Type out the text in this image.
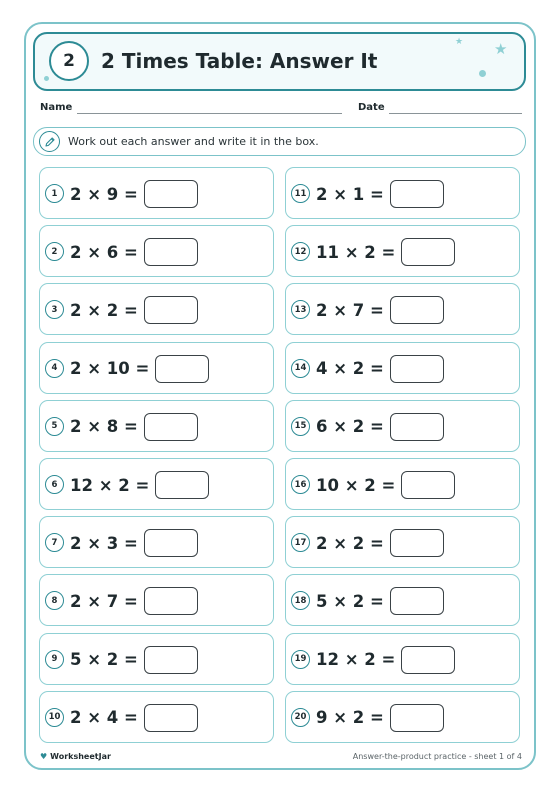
2	2 Times Table: Answer It
★ ★
Name	Date
Work out each answer and write it in the box.
1 2 × 9 =
2 2 × 6 =
3 2 × 2 =
4 2 × 10 =
5 2 × 8 =
6 12 × 2 =
7 2 × 3 =
8 2 × 7 =
9 5 × 2 =
10 2 × 4 =
11 2 × 1 =
12 11 × 2 =
13 2 × 7 =
14 4 × 2 =
15 6 × 2 =
16 10 × 2 =
17 2 × 2 =
18 5 × 2 =
19 12 × 2 =
20 9 × 2 =
♥ WorksheetJar	Answer-the-product practice - sheet 1 of 4
